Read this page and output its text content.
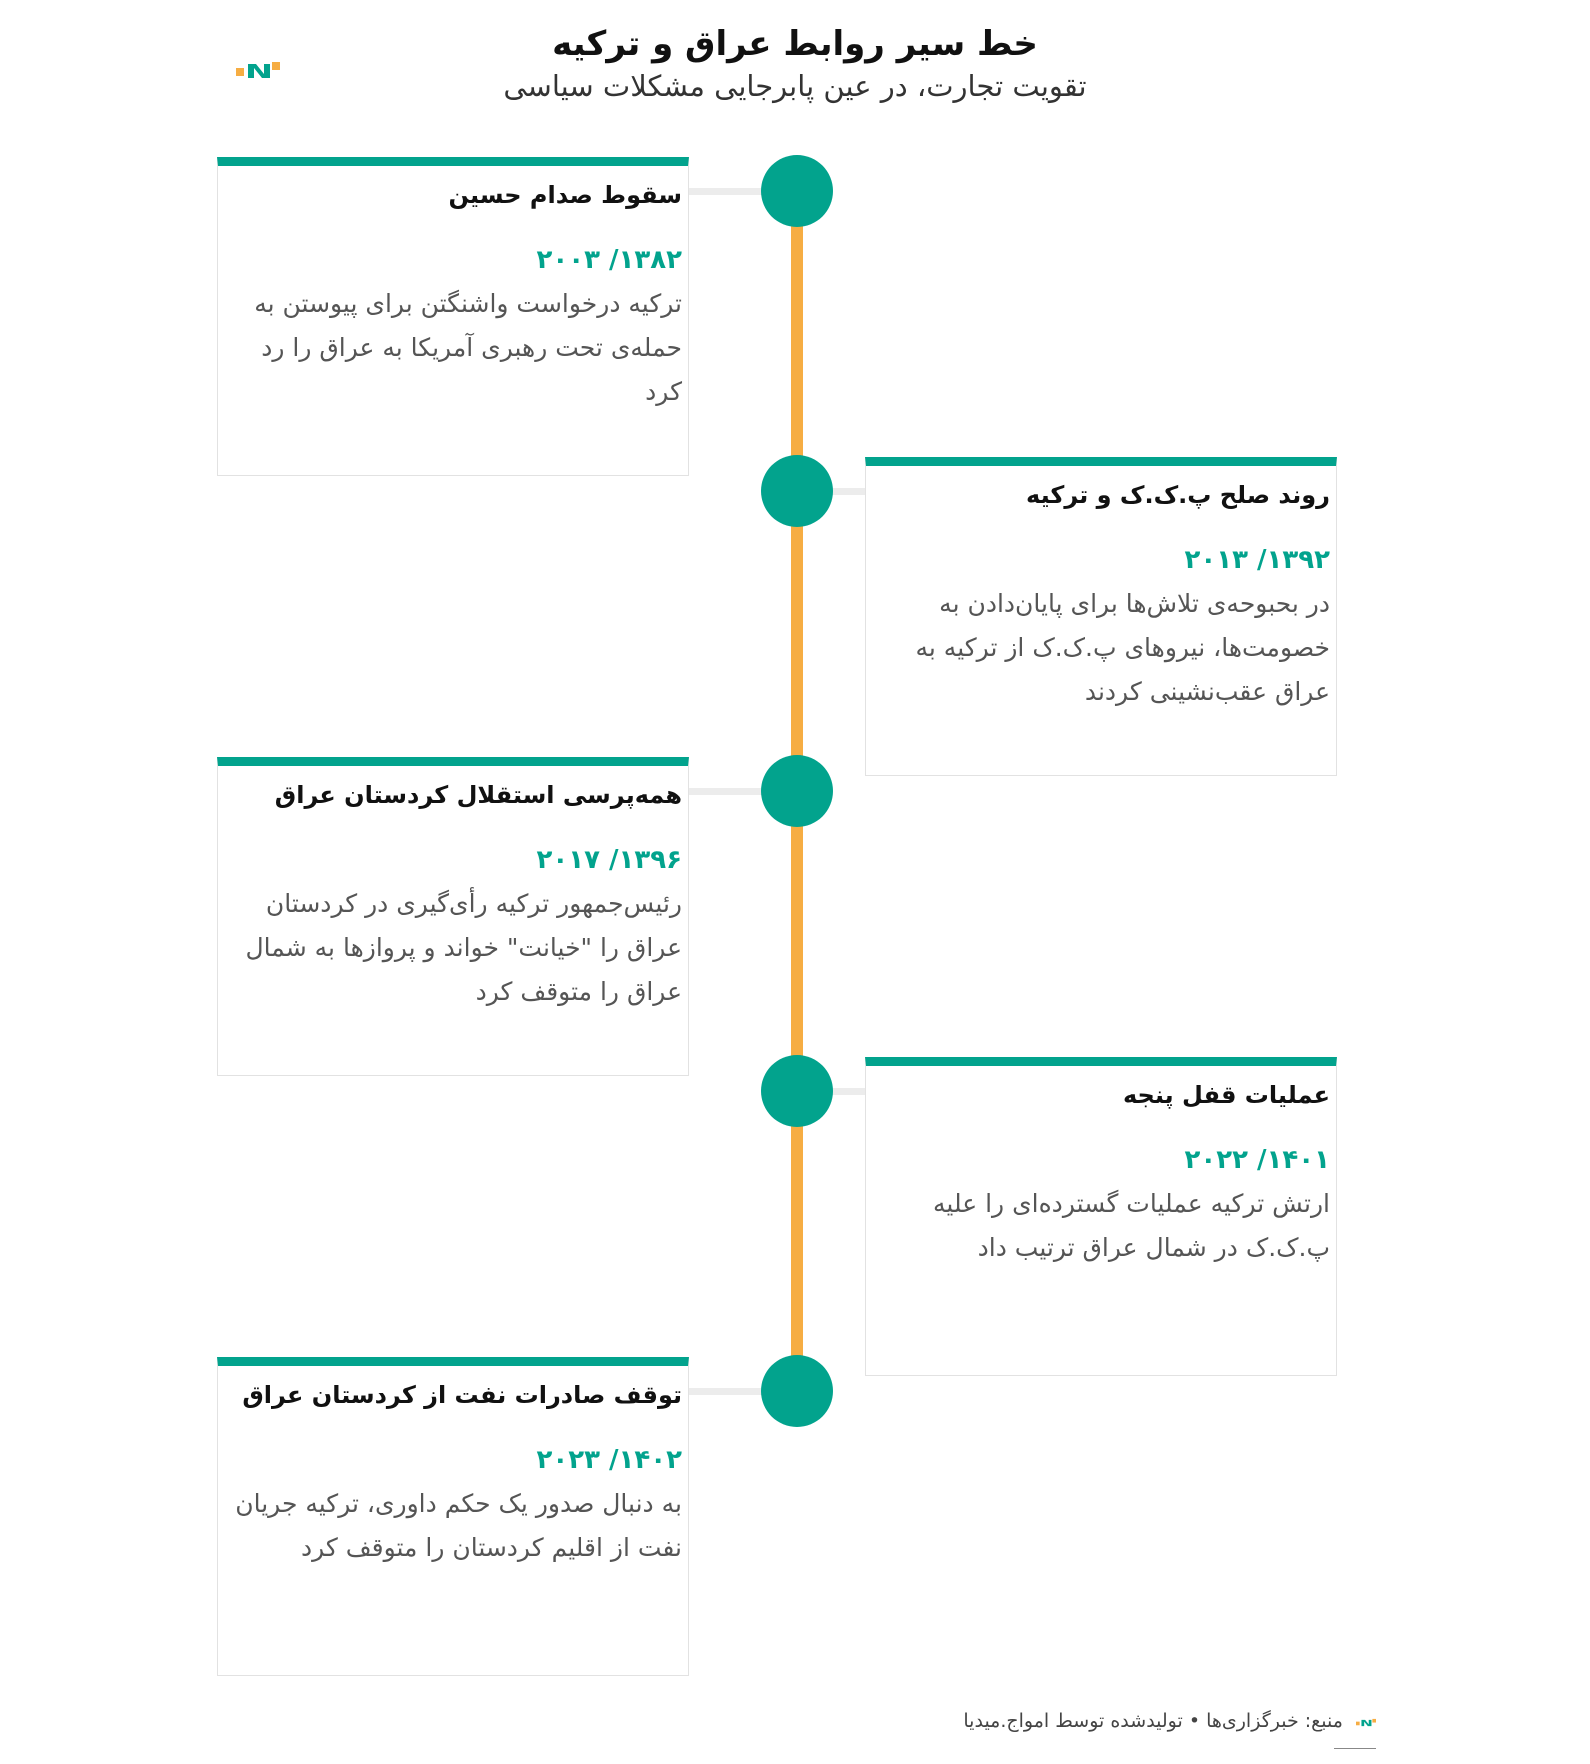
خط سیر روابط عراق و ترکیه
تقویت تجارت، در عین پابرجایی مشکلات سیاسی
سقوط صدام حسین
۱۳۸۲/ ۲۰۰۳
ترکیه درخواست واشنگتن برای پیوستن به حمله‌ی تحت رهبری آمریکا به عراق را رد کرد
روند صلح پ.ک.ک و ترکیه
۱۳۹۲/ ۲۰۱۳
در بحبوحه‌ی تلاش‌ها برای پایان‌دادن به خصومت‌ها، نیروهای پ.ک.ک از ترکیه به عراق عقب‌نشینی کردند
همه‌پرسی استقلال کردستان عراق
۱۳۹۶/ ۲۰۱۷
رئیس‌جمهور ترکیه رأی‌گیری در کردستان عراق را "خیانت" خواند و پروازها به شمال عراق را متوقف کرد
عملیات قفل پنجه
۱۴۰۱/ ۲۰۲۲
ارتش ترکیه عملیات گسترده‌ای را علیه پ.ک.ک در شمال عراق ترتیب داد
توقف صادرات نفت از کردستان عراق
۱۴۰۲/ ۲۰۲۳
به دنبال صدور یک حکم داوری، ترکیه جریان نفت از اقلیم کردستان را متوقف کرد
منبع: خبرگزاری‌ها • تولیدشده توسط امواج.میدیا
